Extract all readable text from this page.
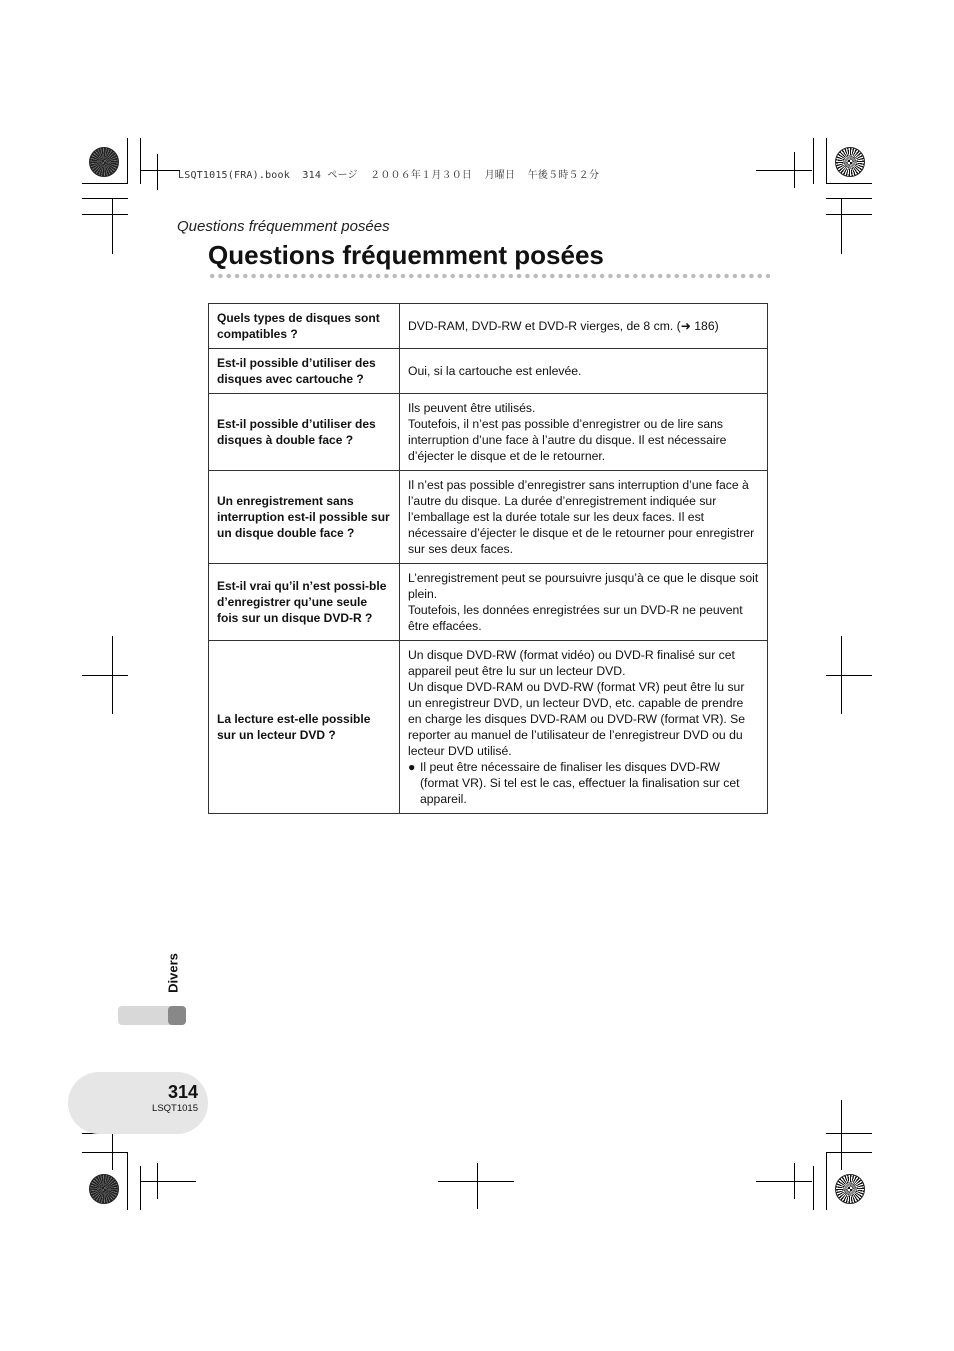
LSQT1015(FRA).book  314 ページ  ２００６年１月３０日  月曜日  午後５時５２分
Questions fréquemment posées
Questions fréquemment posées
Quels types de disques sont compatibles ?	DVD-RAM, DVD-RW et DVD-R vierges, de 8 cm. (➜ 186)

Est-il possible d’utiliser des disques avec cartouche ?	Oui, si la cartouche est enlevée.

Est-il possible d’utiliser des disques à double face ?	Ils peuvent être utilisés.
Toutefois, il n’est pas possible d’enregistrer ou de lire sans interruption d’une face à l’autre du disque. Il est nécessaire d’éjecter le disque et de le retourner.

Un enregistrement sans interruption est-il possible sur un disque double face ?	Il n’est pas possible d’enregistrer sans interruption d’une face à l’autre du disque. La durée d’enregistrement indiquée sur l’emballage est la durée totale sur les deux faces. Il est nécessaire d’éjecter le disque et de le retourner pour enregistrer sur ses deux faces.

Est-il vrai qu’il n’est possi-ble d’enregistrer qu’une seule fois sur un disque DVD-R ?	L’enregistrement peut se poursuivre jusqu’à ce que le disque soit plein.
Toutefois, les données enregistrées sur un DVD-R ne peuvent être effacées.

La lecture est-elle possible sur un lecteur DVD ?	Un disque DVD-RW (format vidéo) ou DVD-R finalisé sur cet appareil peut être lu sur un lecteur DVD.
Un disque DVD-RAM ou DVD-RW (format VR) peut être lu sur un enregistreur DVD, un lecteur DVD, etc. capable de prendre en charge les disques DVD-RAM ou DVD-RW (format VR). Se reporter au manuel de l’utilisateur de l’enregistreur DVD ou du lecteur DVD utilisé.
● Il peut être nécessaire de finaliser les disques DVD-RW (format VR). Si tel est le cas, effectuer la finalisation sur cet appareil.
Divers
314
LSQT1015
